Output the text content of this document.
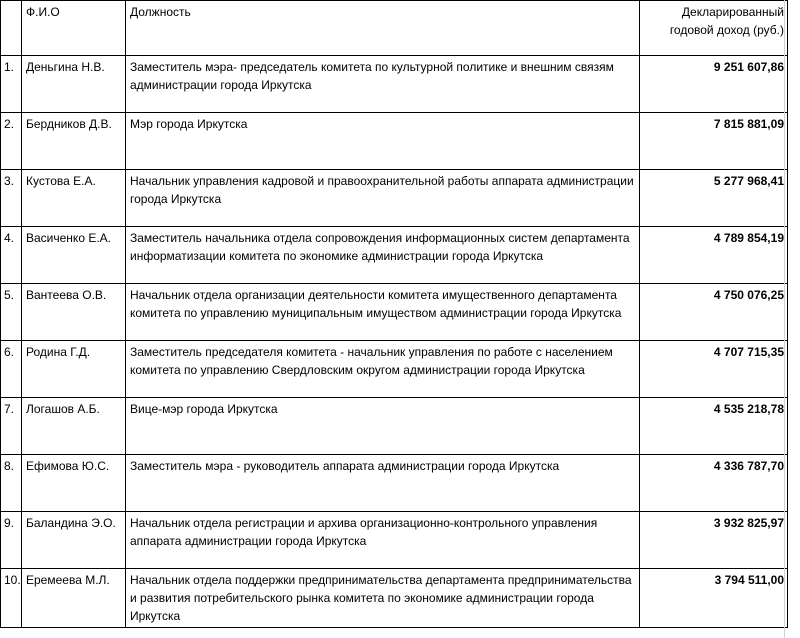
	Ф.И.О	Должность	Декларированный
годовой доход (руб.)

1.	Деньгина Н.В.	Заместитель мэра- председатель комитета по культурной политике и внешним связям администрации города Иркутска	9 251 607,86
2.	Бердников Д.В.	Мэр города Иркутска	7 815 881,09
3.	Кустова Е.А.	Начальник управления кадровой и правоохранительной работы аппарата администрации города Иркутска	5 277 968,41
4.	Васиченко Е.А.	Заместитель начальника отдела сопровождения информационных систем департамента информатизации комитета по экономике администрации города Иркутска	4 789 854,19
5.	Вантеева О.В.	Начальник отдела организации деятельности комитета имущественного департамента комитета по управлению муниципальным имуществом администрации города Иркутска	4 750 076,25
6.	Родина Г.Д.	Заместитель председателя комитета - начальник управления по работе с населением комитета по управлению Свердловским округом администрации города Иркутска	4 707 715,35
7.	Логашов А.Б.	Вице-мэр города Иркутска	4 535 218,78
8.	Ефимова Ю.С.	Заместитель мэра - руководитель аппарата администрации города Иркутска	4 336 787,70
9.	Баландина Э.О.	Начальник отдела регистрации и архива организационно-контрольного управления аппарата администрации города Иркутска	3 932 825,97
10.	Еремеева М.Л.	Начальник отдела поддержки предпринимательства департамента предпринимательства и развития потребительского рынка комитета по экономике администрации города Иркутска	3 794 511,00
